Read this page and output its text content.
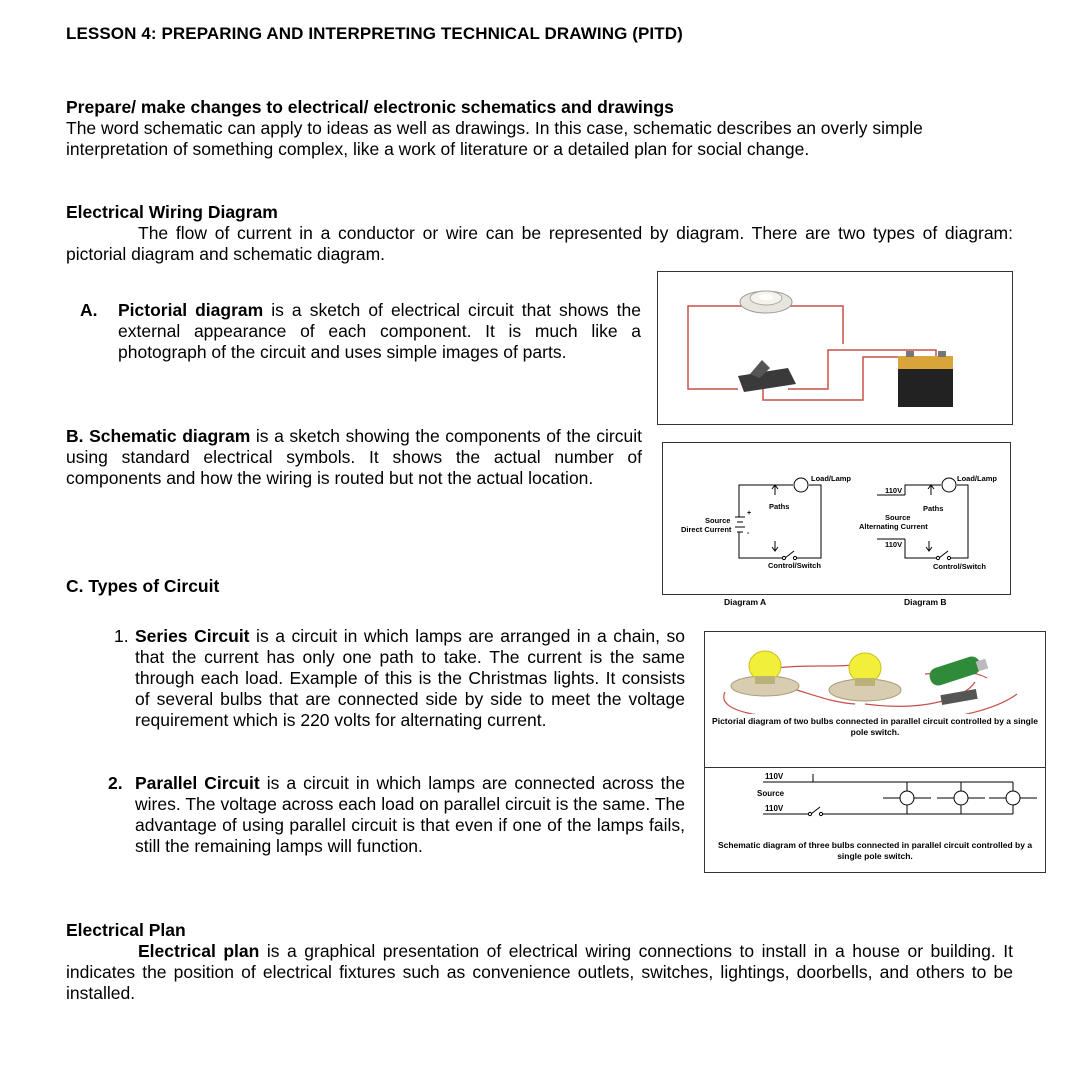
LESSON 4: PREPARING AND INTERPRETING TECHNICAL DRAWING (PITD)
Prepare/ make changes to electrical/ electronic schematics and drawings
The word schematic can apply to ideas as well as drawings. In this case, schematic describes an overly simple interpretation of something complex, like a work of literature or a detailed plan for social change.
Electrical Wiring Diagram
The flow of current in a conductor or wire can be represented by diagram. There are two types of diagram: pictorial diagram and schematic diagram.
A. Pictorial diagram is a sketch of electrical circuit that shows the external appearance of each component. It is much like a photograph of the circuit and uses simple images of parts.
B. Schematic diagram is a sketch showing the components of the circuit using standard electrical symbols. It shows the actual number of components and how the wiring is routed but not the actual location.
C. Types of Circuit
1. Series Circuit is a circuit in which lamps are arranged in a chain, so that the current has only one path to take. The current is the same through each load. Example of this is the Christmas lights. It consists of several bulbs that are connected side by side to meet the voltage requirement which is 220 volts for alternating current.
2. Parallel Circuit is a circuit in which lamps are connected across the wires. The voltage across each load on parallel circuit is the same. The advantage of using parallel circuit is that even if one of the lamps fails, still the remaining lamps will function.
Electrical Plan
Electrical plan is a graphical presentation of electrical wiring connections to install in a house or building. It indicates the position of electrical fixtures such as convenience outlets, switches, lightings, doorbells, and others to be installed.
Load/Lamp
Paths
+
-
Source
Direct Current
Control/Switch
Load/Lamp
110V
Paths
Source
Alternating Current
110V
Control/Switch
Diagram A	Diagram B
Pictorial diagram of two bulbs connected in parallel circuit controlled by a single pole switch.
110V
Source
110V
Schematic diagram of three bulbs connected in parallel circuit controlled by a single pole switch.
